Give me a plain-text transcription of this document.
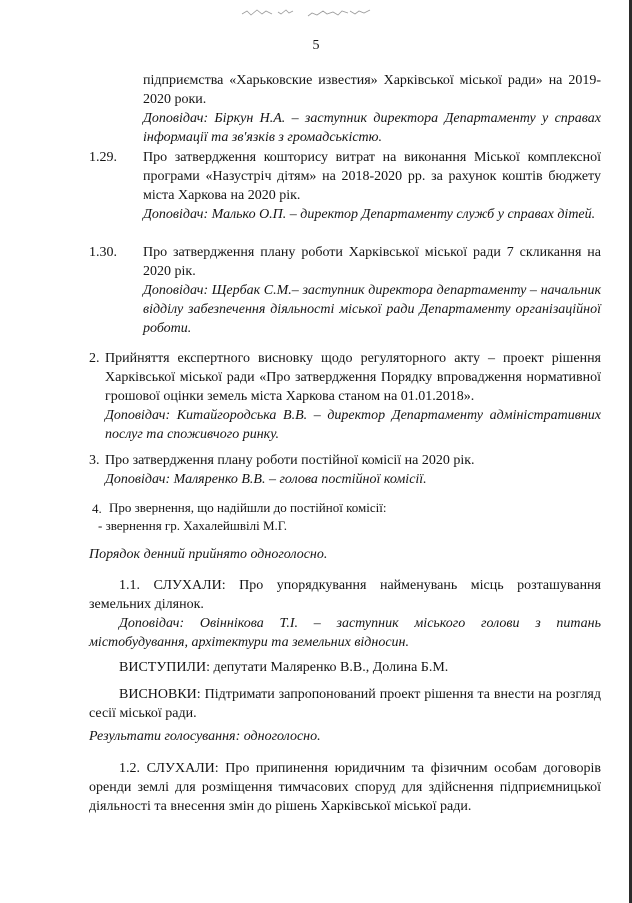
5

підприємства «Харьковские известия» Харківської міської ради» на 2019-2020 роки.

Доповідач: Біркун Н.А. – заступник директора Департаменту у справах інформації та зв'язків з громадськістю.

1.29. Про затвердження кошторису витрат на виконання Міської комплексної програми «Назустріч дітям» на 2018-2020 рр. за рахунок коштів бюджету міста Харкова на 2020 рік.

Доповідач: Малько О.П. – директор Департаменту служб у справах дітей.

1.30. Про затвердження плану роботи Харківської міської ради 7 скликання на 2020 рік.

Доповідач: Щербак С.М.– заступник директора департаменту – начальник відділу забезпечення діяльності міської ради Департаменту організаційної роботи.

2. Прийняття експертного висновку щодо регуляторного акту – проект рішення Харківської міської ради «Про затвердження Порядку впровадження нормативної грошової оцінки земель міста Харкова станом на 01.01.2018».

Доповідач: Китайгородська В.В. – директор Департаменту адміністративних послуг та споживчого ринку.

3. Про затвердження плану роботи постійної комісії на 2020 рік.

Доповідач: Маляренко В.В. – голова постійної комісії.

4. Про звернення, що надійшли до постійної комісії:

- звернення гр. Хахалейшвілі М.Г.

Порядок денний прийнято одноголосно.

1.1. СЛУХАЛИ: Про упорядкування найменувань місць розташування земельних ділянок.

Доповідач: Овіннікова Т.І. – заступник міського голови з питань містобудування, архітектури та земельних відносин.

ВИСТУПИЛИ: депутати Маляренко В.В., Долина Б.М.

ВИСНОВКИ: Підтримати запропонований проект рішення та внести на розгляд сесії міської ради.

Результати голосування: одноголосно.

1.2. СЛУХАЛИ: Про припинення юридичним та фізичним особам договорів оренди землі для розміщення тимчасових споруд для здійснення підприємницької діяльності та внесення змін до рішень Харківської міської ради.
